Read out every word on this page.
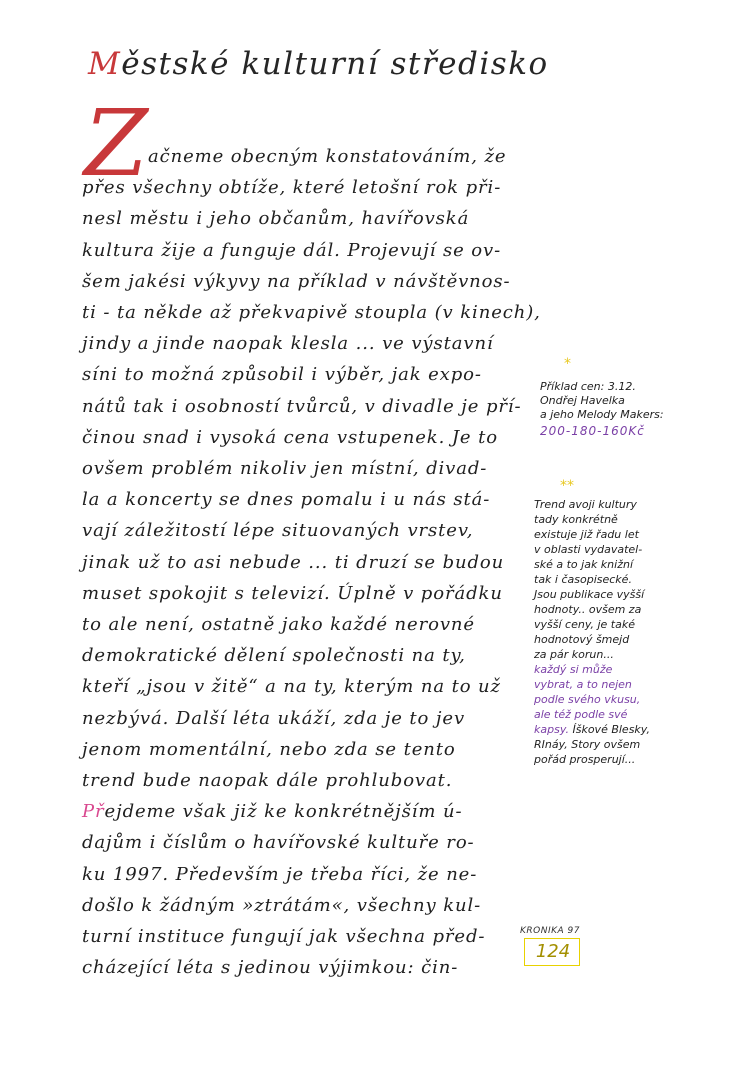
Městské kulturní středisko
Z ačneme obecným konstatováním, že
přes všechny obtíže, které letošní rok při-
nesl městu i jeho občanům, havířovská
kultura žije a funguje dál. Projevují se ov-
šem jakési výkyvy na příklad v návštěvnos-
ti - ta někde až překvapivě stoupla (v kinech),
jindy a jinde naopak klesla ... ve výstavní
síni to možná způsobil i výběr, jak expo-
nátů tak i osobností tvůrců, v divadle je pří-
činou snad i vysoká cena vstupenek. Je to
ovšem problém nikoliv jen místní, divad-
la a koncerty se dnes pomalu i u nás stá-
vají záležitostí lépe situovaných vrstev,
jinak už to asi nebude ... ti druzí se budou
muset spokojit s televizí. Úplně v pořádku
to ale není, ostatně jako každé nerovné
demokratické dělení společnosti na ty,
kteří „jsou v žitě“ a na ty, kterým na to už
nezbývá. Další léta ukáží, zda je to jev
jenom momentální, nebo zda se tento
trend bude naopak dále prohlubovat.
Přejdeme však již ke konkrétnějším ú-
dajům i číslům o havířovské kultuře ro-
ku 1997. Především je třeba říci, že ne-
došlo k žádným »ztrátám«, všechny kul-
turní instituce fungují jak všechna před-
cházející léta s jedinou výjimkou: čin-
*
Příklad cen: 3.12.
Ondřej Havelka
a jeho Melody Makers:
200-180-160Kč
**
Trend avoji kultury
tady konkrétně
existuje již řadu let
v oblasti vydavatel-
ské a to jak knižní
tak i časopisecké.
Jsou publikace vyšší
hodnoty.. ovšem za
vyšší ceny, je také
hodnotový šmejd
za pár korun...
každý si může
vybrat, a to nejen
podle svého vkusu,
ale též podle své
kapsy. Íškové Blesky,
RInáy, Story ovšem
pořád prosperují...
KRONIKA 97
124
